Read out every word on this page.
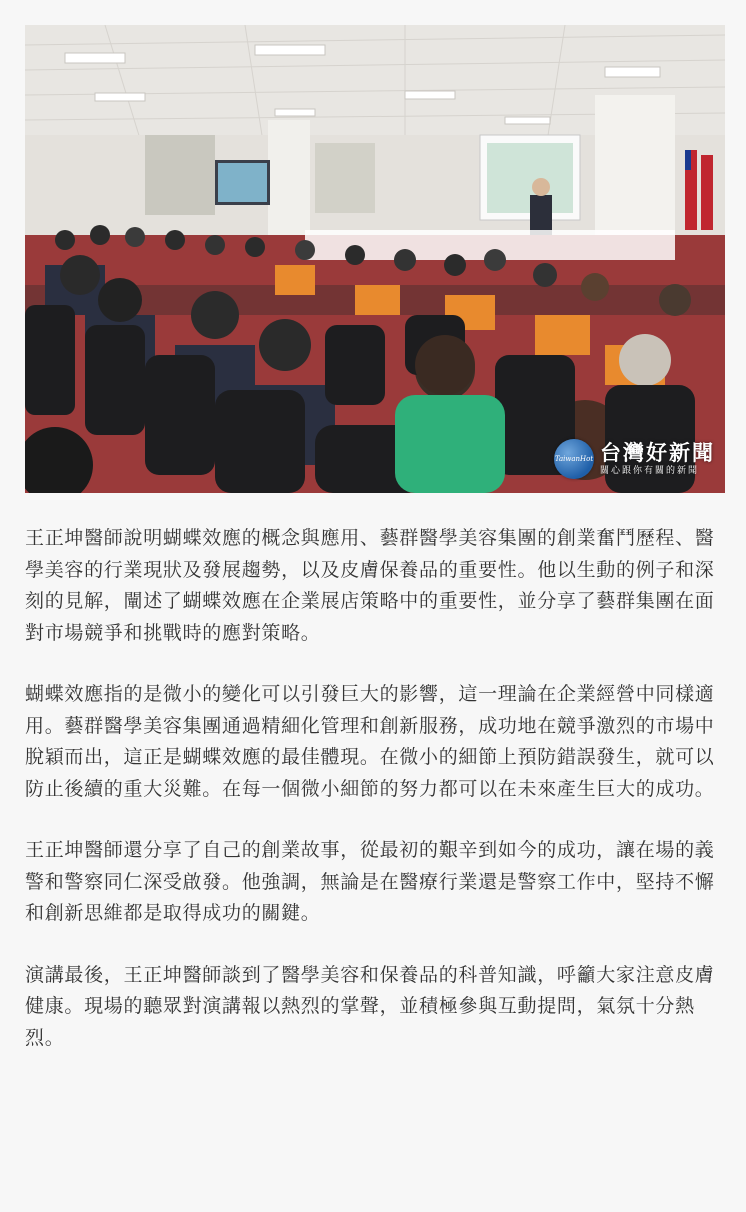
TaiwanHot 台灣好新聞
關心跟你有關的新聞

王正坤醫師說明蝴蝶效應的概念與應用、藝群醫學美容集團的創業奮鬥歷程、醫學美容的行業現狀及發展趨勢，以及皮膚保養品的重要性。他以生動的例子和深刻的見解，闡述了蝴蝶效應在企業展店策略中的重要性，並分享了藝群集團在面對市場競爭和挑戰時的應對策略。

蝴蝶效應指的是微小的變化可以引發巨大的影響，這一理論在企業經營中同樣適用。藝群醫學美容集團通過精細化管理和創新服務，成功地在競爭激烈的市場中脫穎而出，這正是蝴蝶效應的最佳體現。在微小的細節上預防錯誤發生，就可以防止後續的重大災難。在每一個微小細節的努力都可以在未來產生巨大的成功。

王正坤醫師還分享了自己的創業故事，從最初的艱辛到如今的成功，讓在場的義警和警察同仁深受啟發。他強調，無論是在醫療行業還是警察工作中，堅持不懈和創新思維都是取得成功的關鍵。

演講最後，王正坤醫師談到了醫學美容和保養品的科普知識，呼籲大家注意皮膚健康。現場的聽眾對演講報以熱烈的掌聲，並積極參與互動提問，氣氛十分熱烈。
